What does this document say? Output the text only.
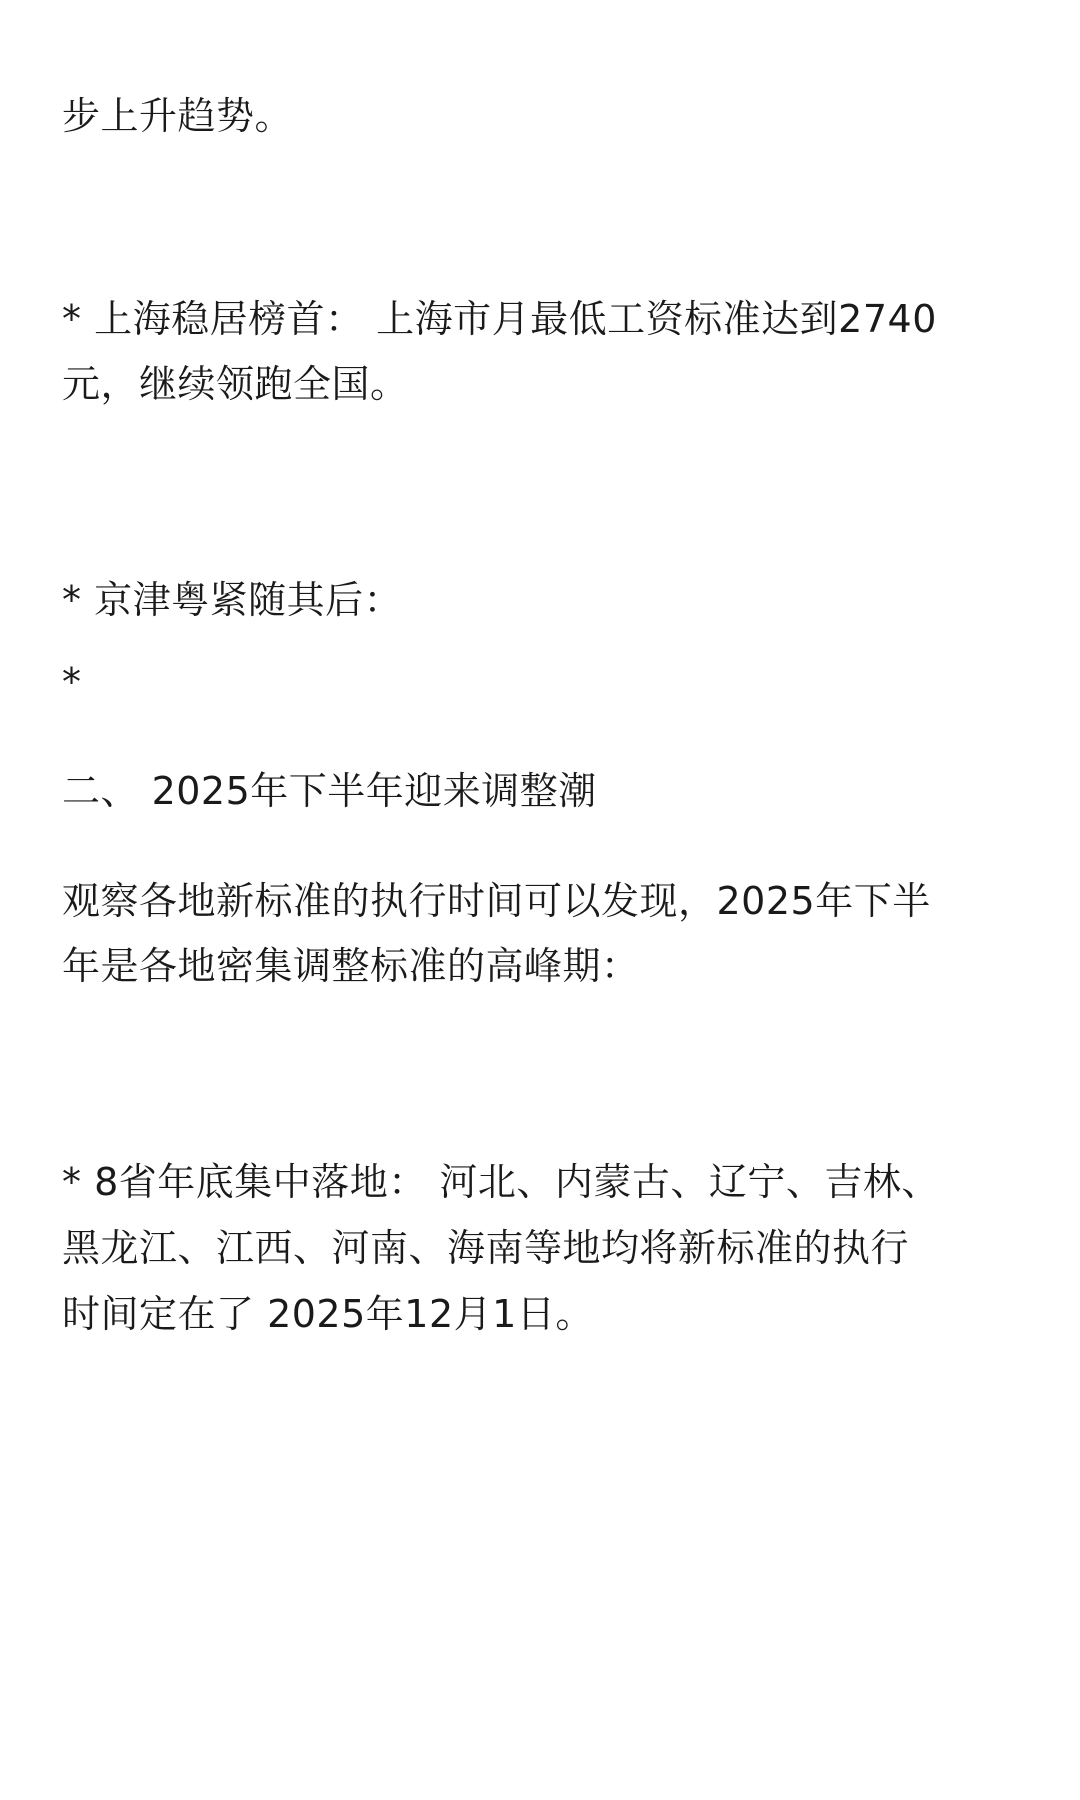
步上升趋势。
* 上海稳居榜首： 上海市月最低工资标准达到2740
元，继续领跑全国。
* 京津粤紧随其后：
*
二、 2025年下半年迎来调整潮
观察各地新标准的执行时间可以发现，2025年下半
年是各地密集调整标准的高峰期：
* 8省年底集中落地： 河北、内蒙古、辽宁、吉林、
黑龙江、江西、河南、海南等地均将新标准的执行
时间定在了 2025年12月1日。
